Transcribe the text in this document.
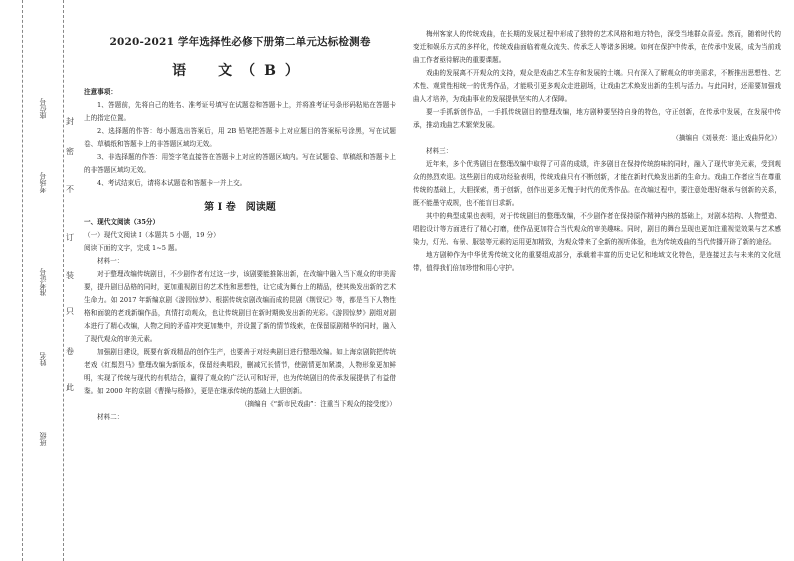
封
密
不
订
装
只
卷
此
座位号
考场号
准考证号
姓名
班级
2020-2021 学年选择性必修下册第二单元达标检测卷
语　文（B）

注意事项：

1、答题前，先将自己的姓名、准考证号填写在试题卷和答题卡上，并将准考证号条形码粘贴在答题卡上的指定位置。

2、选择题的作答：每小题选出答案后，用 2B 铅笔把答题卡上对应题目的答案标号涂黑，写在试题卷、草稿纸和答题卡上的非答题区域均无效。

3、非选择题的作答：用签字笔直接答在答题卡上对应的答题区域内。写在试题卷、草稿纸和答题卡上的非答题区域均无效。

4、考试结束后，请将本试题卷和答题卡一并上交。

第 I 卷　阅读题

一、现代文阅读（35分）

（一）现代文阅读 I（本题共 5 小题，19 分）

阅读下面的文字，完成 1~5 题。

材料一：

对于整理改编传统剧目，不少剧作者有过这一步，该剧要能推陈出新，在改编中融入当下观众的审美需要，提升剧目品格的同时，更加重视剧目的艺术性和思想性，让它成为舞台上的精品，使其焕发出新的艺术生命力。如 2017 年新编京剧《游园惊梦》、根据传统京剧改编而成的昆剧《荆钗记》等，都是当下人物性格和面貌的老戏新编作品，真情打动观众，也让传统剧目在新时期焕发出新的光彩。《游园惊梦》剧组对剧本进行了精心改编，人物之间的矛盾冲突更加集中，并设置了新的情节线索，在保留原剧精华的同时，融入了现代观众的审美元素。

加强剧目建设，既要有新戏精品的创作生产，也要善于对经典剧目进行整理改编。如上海京剧院把传统老戏《红鬃烈马》整理改编为新版本，保留经典唱段，删减冗长情节，使剧情更加紧凑，人物形象更加鲜明，实现了传统与现代的有机结合，赢得了观众的广泛认可和好评，也为传统剧目的传承发展提供了有益借鉴。如 2000 年的京剧《曹操与杨修》，更是在继承传统的基础上大胆创新。

（摘编自《“新市民戏曲”：注重当下观众的接受度》）

材料二：

梅州客家人的传统戏曲，在长期的发展过程中形成了独特的艺术风格和地方特色，深受当地群众喜爱。然而，随着时代的变迁和娱乐方式的多样化，传统戏曲面临着观众流失、传承乏人等诸多困境。如何在保护中传承，在传承中发展，成为当前戏曲工作者亟待解决的重要课题。

戏曲的发展离不开观众的支持，观众是戏曲艺术生存和发展的土壤。只有深入了解观众的审美需求，不断推出思想性、艺术性、观赏性相统一的优秀作品，才能吸引更多观众走进剧场，让戏曲艺术焕发出新的生机与活力。与此同时，还需要加强戏曲人才培养，为戏曲事业的发展提供坚实的人才保障。

要一手抓新创作品，一手抓传统剧目的整理改编，地方剧种要坚持自身的特色，守正创新，在传承中发展，在发展中传承，推动戏曲艺术繁荣发展。

（摘编自《刘景亮：退止戏曲异化》）

材料三：

近年来，多个优秀剧目在整理改编中取得了可喜的成绩，许多剧目在保持传统韵味的同时，融入了现代审美元素，受到观众的热烈欢迎。这些剧目的成功经验表明，传统戏曲只有不断创新，才能在新时代焕发出新的生命力。戏曲工作者应当在尊重传统的基础上，大胆探索，勇于创新，创作出更多无愧于时代的优秀作品。在改编过程中，要注意处理好继承与创新的关系，既不能墨守成规，也不能盲目求新。

其中的典型成果也表明，对于传统剧目的整理改编，不少剧作者在保持原作精神内核的基础上，对剧本结构、人物塑造、唱腔设计等方面进行了精心打磨，使作品更加符合当代观众的审美趣味。同时，剧目的舞台呈现也更加注重视觉效果与艺术感染力，灯光、布景、服装等元素的运用更加精致，为观众带来了全新的视听体验，也为传统戏曲的当代传播开辟了新的途径。

地方剧种作为中华优秀传统文化的重要组成部分，承载着丰富的历史记忆和地域文化特色，是连接过去与未来的文化纽带，值得我们倍加珍惜和用心守护。
